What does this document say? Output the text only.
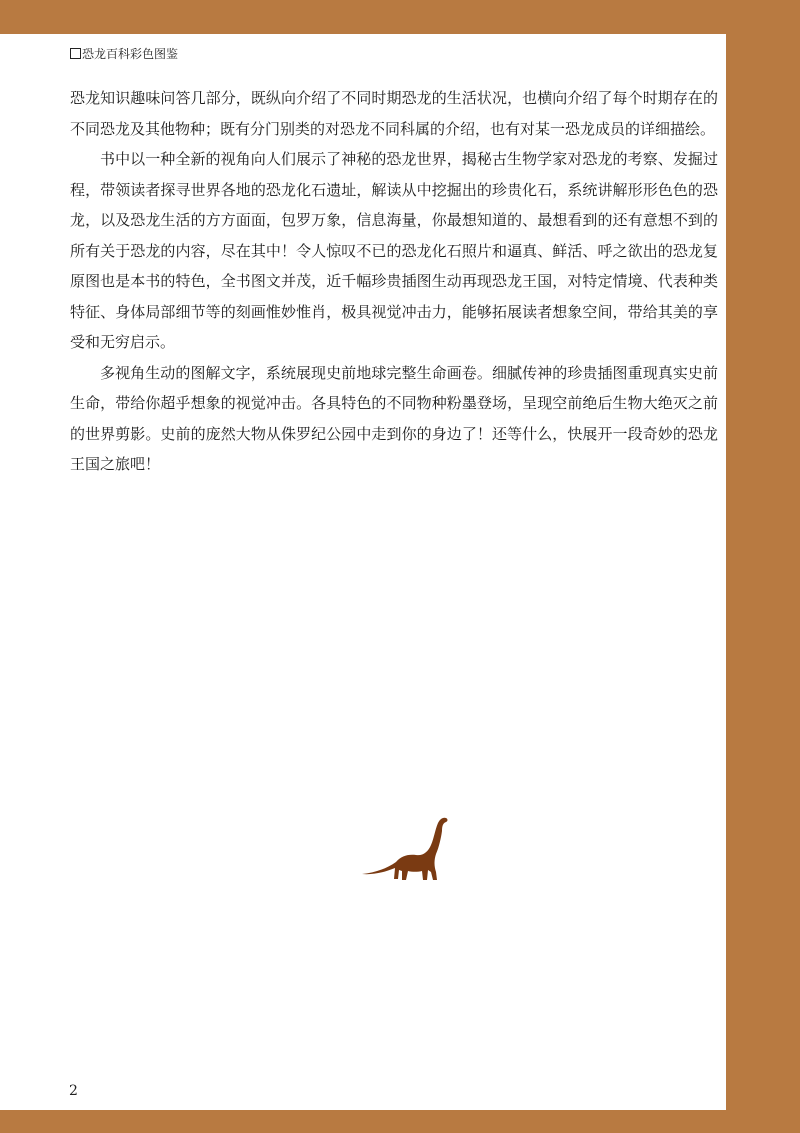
恐龙百科彩色图鉴

恐龙知识趣味问答几部分，既纵向介绍了不同时期恐龙的生活状况，也横向介绍了每个时期存在的不同恐龙及其他物种；既有分门别类的对恐龙不同科属的介绍，也有对某一恐龙成员的详细描绘。

书中以一种全新的视角向人们展示了神秘的恐龙世界，揭秘古生物学家对恐龙的考察、发掘过程，带领读者探寻世界各地的恐龙化石遗址，解读从中挖掘出的珍贵化石，系统讲解形形色色的恐龙，以及恐龙生活的方方面面，包罗万象，信息海量，你最想知道的、最想看到的还有意想不到的所有关于恐龙的内容，尽在其中！令人惊叹不已的恐龙化石照片和逼真、鲜活、呼之欲出的恐龙复原图也是本书的特色，全书图文并茂，近千幅珍贵插图生动再现恐龙王国，对特定情境、代表种类特征、身体局部细节等的刻画惟妙惟肖，极具视觉冲击力，能够拓展读者想象空间，带给其美的享受和无穷启示。

多视角生动的图解文字，系统展现史前地球完整生命画卷。细腻传神的珍贵插图重现真实史前生命，带给你超乎想象的视觉冲击。各具特色的不同物种粉墨登场，呈现空前绝后生物大绝灭之前的世界剪影。史前的庞然大物从侏罗纪公园中走到你的身边了！还等什么，快展开一段奇妙的恐龙王国之旅吧！

2
